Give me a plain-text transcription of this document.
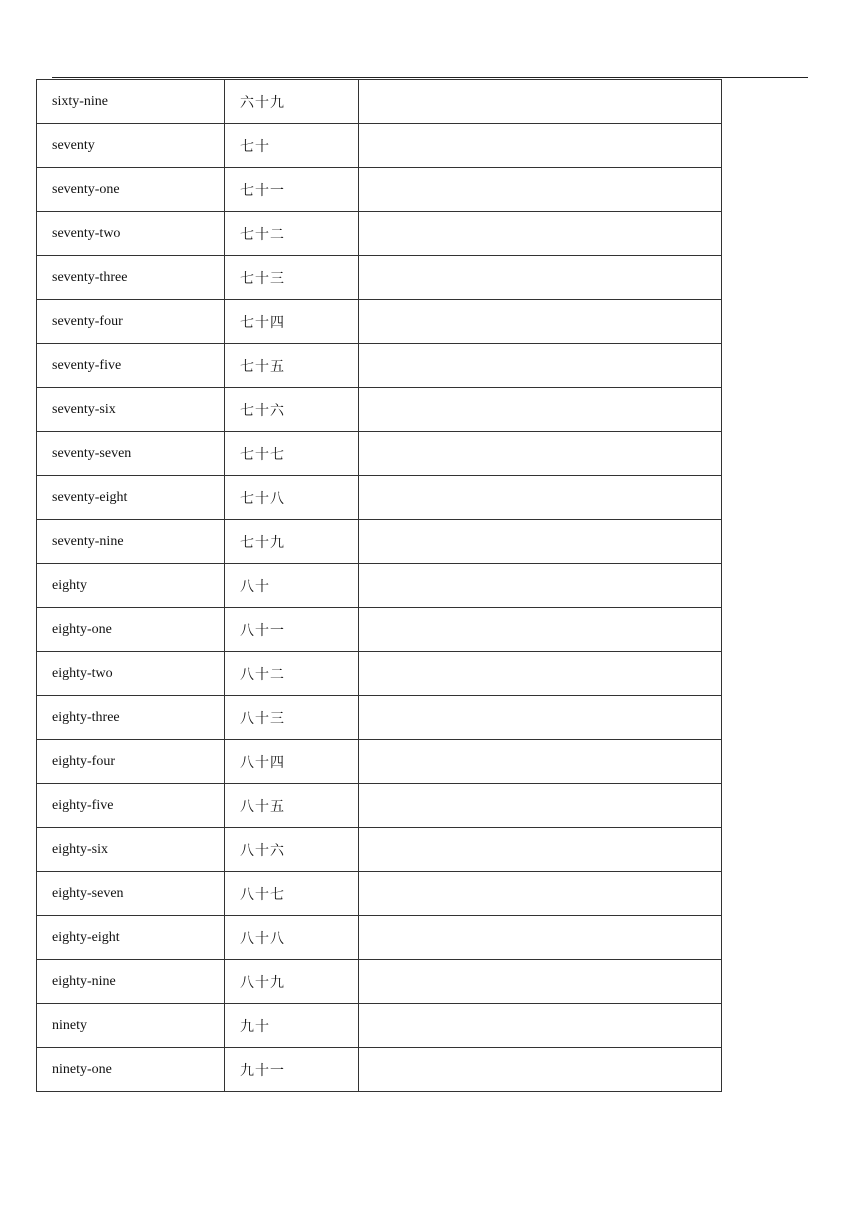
sixty-nine	六十九	
seventy	七十	
seventy-one	七十一	
seventy-two	七十二	
seventy-three	七十三	
seventy-four	七十四	
seventy-five	七十五	
seventy-six	七十六	
seventy-seven	七十七	
seventy-eight	七十八	
seventy-nine	七十九	
eighty	八十	
eighty-one	八十一	
eighty-two	八十二	
eighty-three	八十三	
eighty-four	八十四	
eighty-five	八十五	
eighty-six	八十六	
eighty-seven	八十七	
eighty-eight	八十八	
eighty-nine	八十九	
ninety	九十	
ninety-one	九十一	
